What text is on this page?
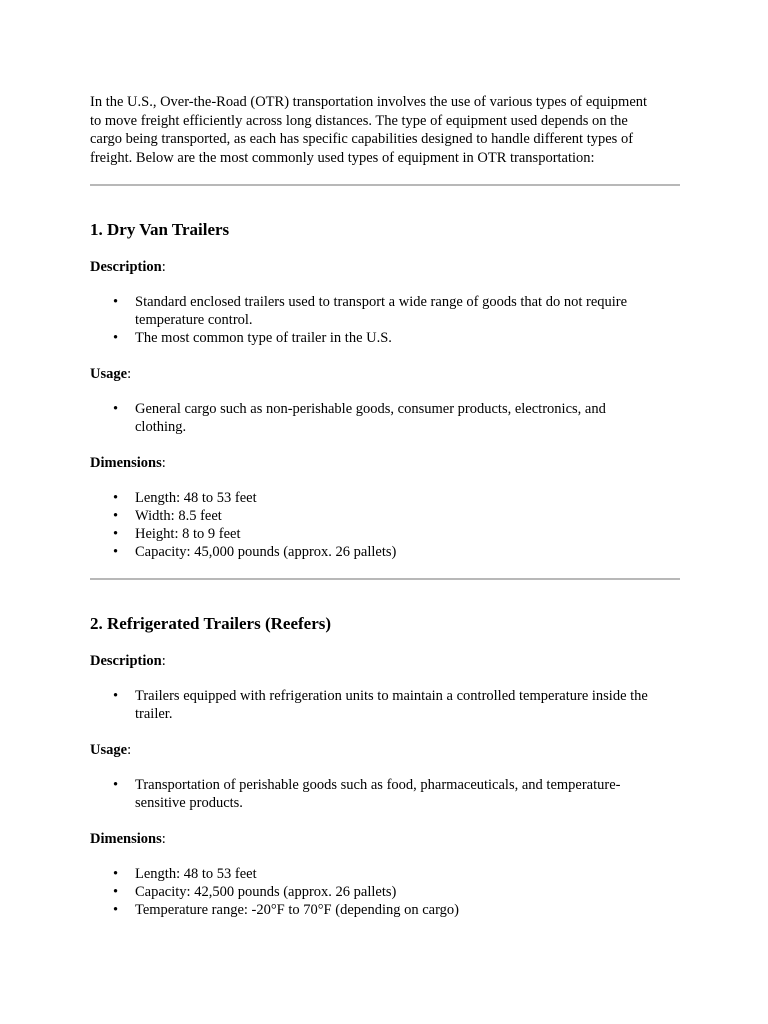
In the U.S., Over-the-Road (OTR) transportation involves the use of various types of equipment
to move freight efficiently across long distances. The type of equipment used depends on the
cargo being transported, as each has specific capabilities designed to handle different types of
freight. Below are the most commonly used types of equipment in OTR transportation:

1. Dry Van Trailers

Description:

• Standard enclosed trailers used to transport a wide range of goods that do not require
temperature control.
• The most common type of trailer in the U.S.

Usage:

• General cargo such as non-perishable goods, consumer products, electronics, and
clothing.

Dimensions:

• Length: 48 to 53 feet
• Width: 8.5 feet
• Height: 8 to 9 feet
• Capacity: 45,000 pounds (approx. 26 pallets)
2. Refrigerated Trailers (Reefers)

Description:

• Trailers equipped with refrigeration units to maintain a controlled temperature inside the
trailer.

Usage:

• Transportation of perishable goods such as food, pharmaceuticals, and temperature-
sensitive products.

Dimensions:

• Length: 48 to 53 feet
• Capacity: 42,500 pounds (approx. 26 pallets)
• Temperature range: -20°F to 70°F (depending on cargo)
